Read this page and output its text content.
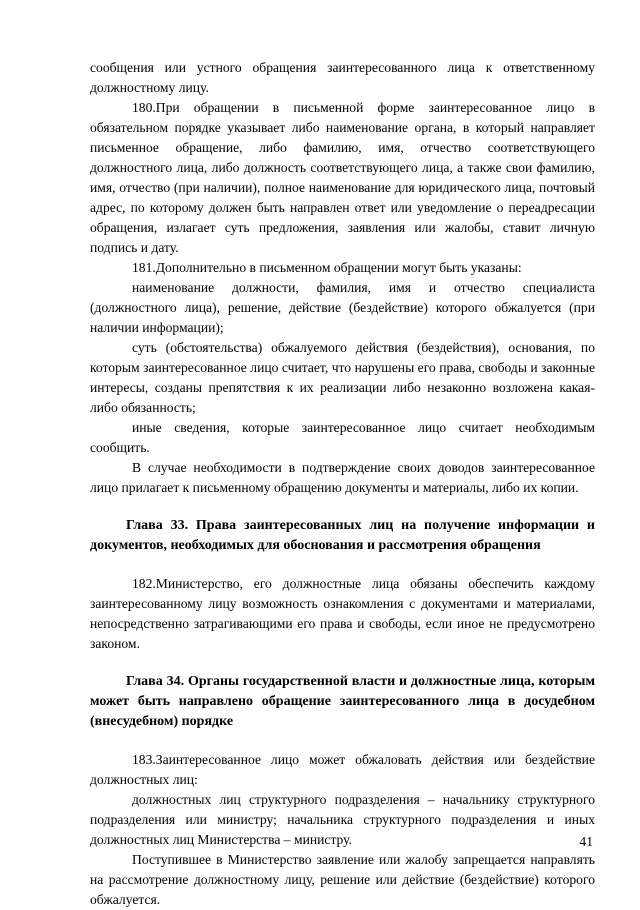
сообщения или устного обращения заинтересованного лица к ответственному должностному лицу.

180.При обращении в письменной форме заинтересованное лицо в обязательном порядке указывает либо наименование органа, в который направляет письменное обращение, либо фамилию, имя, отчество соответствующего должностного лица, либо должность соответствующего лица, а также свои фамилию, имя, отчество (при наличии), полное наименование для юридического лица, почтовый адрес, по которому должен быть направлен ответ или уведомление о переадресации обращения, излагает суть предложения, заявления или жалобы, ставит личную подпись и дату.

181.Дополнительно в письменном обращении могут быть указаны:

наименование должности, фамилия, имя и отчество специалиста (должностного лица), решение, действие (бездействие) которого обжалуется (при наличии информации);

суть (обстоятельства) обжалуемого действия (бездействия), основания, по которым заинтересованное лицо считает, что нарушены его права, свободы и законные интересы, созданы препятствия к их реализации либо незаконно возложена какая-либо обязанность;

иные сведения, которые заинтересованное лицо считает необходимым сообщить.

В случае необходимости в подтверждение своих доводов заинтересованное лицо прилагает к письменному обращению документы и материалы, либо их копии.

Глава 33. Права заинтересованных лиц на получение информации и документов, необходимых для обоснования и рассмотрения обращения

182.Министерство, его должностные лица обязаны обеспечить каждому заинтересованному лицу возможность ознакомления с документами и материалами, непосредственно затрагивающими его права и свободы, если иное не предусмотрено законом.

Глава 34. Органы государственной власти и должностные лица, которым может быть направлено обращение заинтересованного лица в досудебном (внесудебном) порядке

183.Заинтересованное лицо может обжаловать действия или бездействие должностных лиц:

должностных лиц структурного подразделения – начальнику структурного подразделения или министру; начальника структурного подразделения и иных должностных лиц Министерства – министру.

Поступившее в Министерство заявление или жалобу запрещается направлять на рассмотрение должностному лицу, решение или действие (бездействие) которого обжалуется.

41
